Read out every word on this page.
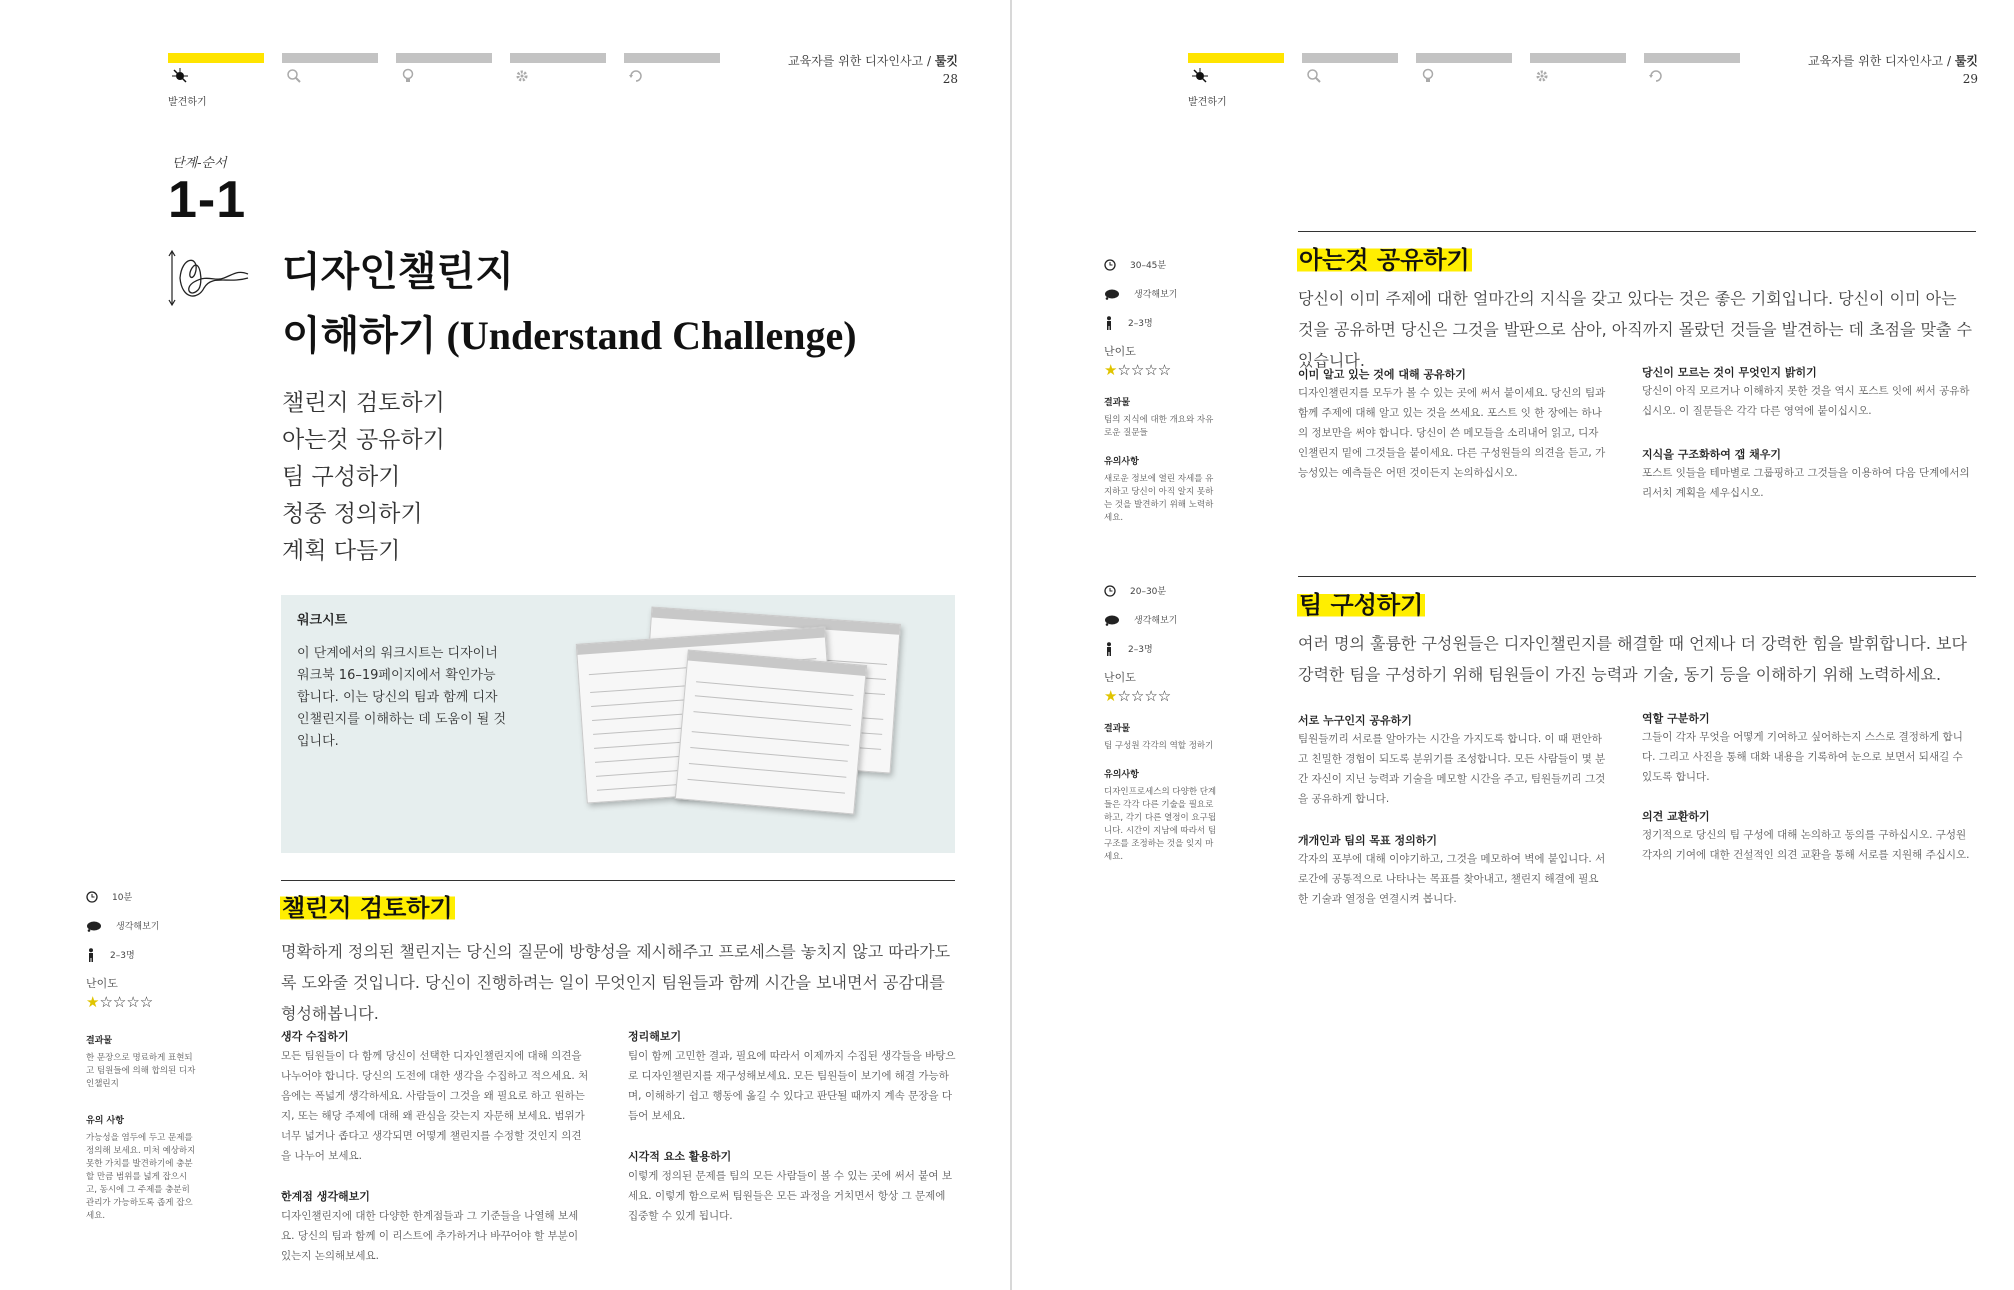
발견하기
교육자를 위한 디자인사고 / 툴킷
28
단계-순서
1-1
디자인챌린지
이해하기 (Understand Challenge)
챌린지 검토하기
아는것 공유하기
팀 구성하기
청중 정의하기
계획 다듬기
워크시트
이 단계에서의 워크시트는 디자이너 워크북 16–19페이지에서 확인가능 합니다. 이는 당신의 팀과 함께 디자인챌린지를 이해하는 데 도움이 될 것입니다.
챌린지 검토하기
명확하게 정의된 챌린지는 당신의 질문에 방향성을 제시해주고 프로세스를 놓치지 않고 따라가도록 도와줄 것입니다. 당신이 진행하려는 일이 무엇인지 팀원들과 함께 시간을 보내면서 공감대를 형성해봅니다.
10분
생각해보기
2–3명
난이도
★☆☆☆☆
결과물
한 문장으로 명료하게 표현되고 팀원들에 의해 합의된 디자인챌린지
유의 사항
가능성을 염두에 두고 문제를 정의해 보세요. 미처 예상하지 못한 가치를 발견하기에 충분할 만큼 범위를 넓게 잡으시고, 동시에 그 주제를 충분히 관리가 가능하도록 좁게 잡으세요.
생각 수집하기
모든 팀원들이 다 함께 당신이 선택한 디자인챌린지에 대해 의견을 나누어야 합니다. 당신의 도전에 대한 생각을 수집하고 적으세요. 처음에는 폭넓게 생각하세요. 사람들이 그것을 왜 필요로 하고 원하는지, 또는 해당 주제에 대해 왜 관심을 갖는지 자문해 보세요. 범위가 너무 넓거나 좁다고 생각되면 어떻게 챌린지를 수정할 것인지 의견을 나누어 보세요.
한계점 생각해보기
디자인챌린지에 대한 다양한 한계점들과 그 기준들을 나열해 보세요. 당신의 팀과 함께 이 리스트에 추가하거나 바꾸어야 할 부분이 있는지 논의해보세요.
정리해보기
팀이 함께 고민한 결과, 필요에 따라서 이제까지 수집된 생각들을 바탕으로 디자인챌린지를 재구성해보세요. 모든 팀원들이 보기에 해결 가능하며, 이해하기 쉽고 행동에 옮길 수 있다고 판단될 때까지 계속 문장을 다듬어 보세요.
시각적 요소 활용하기
이렇게 정의된 문제를 팀의 모든 사람들이 볼 수 있는 곳에 써서 붙여 보세요. 이렇게 함으로써 팀원들은 모든 과정을 거치면서 항상 그 문제에 집중할 수 있게 됩니다.
발견하기
교육자를 위한 디자인사고 / 툴킷
29
아는것 공유하기
당신이 이미 주제에 대한 얼마간의 지식을 갖고 있다는 것은 좋은 기회입니다. 당신이 이미 아는 것을 공유하면 당신은 그것을 발판으로 삼아, 아직까지 몰랐던 것들을 발견하는 데 초점을 맞출 수 있습니다.
30–45분
생각해보기
2–3명
난이도
★☆☆☆☆
결과물
팀의 지식에 대한 개요와 자유로운 질문들
유의사항
새로운 정보에 열린 자세를 유지하고 당신이 아직 알지 못하는 것을 발견하기 위해 노력하세요.
이미 알고 있는 것에 대해 공유하기
디자인챌린지를 모두가 볼 수 있는 곳에 써서 붙이세요. 당신의 팀과 함께 주제에 대해 알고 있는 것을 쓰세요. 포스트 잇 한 장에는 하나의 정보만을 써야 합니다. 당신이 쓴 메모들을 소리내어 읽고, 디자인챌린지 밑에 그것들을 붙이세요. 다른 구성원들의 의견을 듣고, 가능성있는 예측들은 어떤 것이든지 논의하십시오.
당신이 모르는 것이 무엇인지 밝히기
당신이 아직 모르거나 이해하지 못한 것을 역시 포스트 잇에 써서 공유하십시오. 이 질문들은 각각 다른 영역에 붙이십시오.
지식을 구조화하여 갭 채우기
포스트 잇들을 테마별로 그룹핑하고 그것들을 이용하여 다음 단계에서의 리서치 계획을 세우십시오.
팀 구성하기
여러 명의 훌륭한 구성원들은 디자인챌린지를 해결할 때 언제나 더 강력한 힘을 발휘합니다. 보다 강력한 팀을 구성하기 위해 팀원들이 가진 능력과 기술, 동기 등을 이해하기 위해 노력하세요.
20–30분
생각해보기
2–3명
난이도
★☆☆☆☆
결과물
팀 구성원 각각의 역할 정하기
유의사항
디자인프로세스의 다양한 단계들은 각각 다른 기술을 필요로 하고, 각기 다른 열정이 요구됩니다. 시간이 지남에 따라서 팀 구조를 조정하는 것을 잊지 마세요.
서로 누구인지 공유하기
팀원들끼리 서로를 알아가는 시간을 가지도록 합니다. 이 때 편안하고 친밀한 경험이 되도록 분위기를 조성합니다. 모든 사람들이 몇 분간 자신이 지닌 능력과 기술을 메모할 시간을 주고, 팀원들끼리 그것을 공유하게 합니다.
개개인과 팀의 목표 정의하기
각자의 포부에 대해 이야기하고, 그것을 메모하여 벽에 붙입니다. 서로간에 공통적으로 나타나는 목표를 찾아내고, 챌린지 해결에 필요한 기술과 열정을 연결시켜 봅니다.
역할 구분하기
그들이 각자 무엇을 어떻게 기여하고 싶어하는지 스스로 결정하게 합니다. 그리고 사진을 통해 대화 내용을 기록하여 눈으로 보면서 되새길 수 있도록 합니다.
의견 교환하기
정기적으로 당신의 팀 구성에 대해 논의하고 동의를 구하십시오. 구성원 각자의 기여에 대한 건설적인 의견 교환을 통해 서로를 지원해 주십시오.
